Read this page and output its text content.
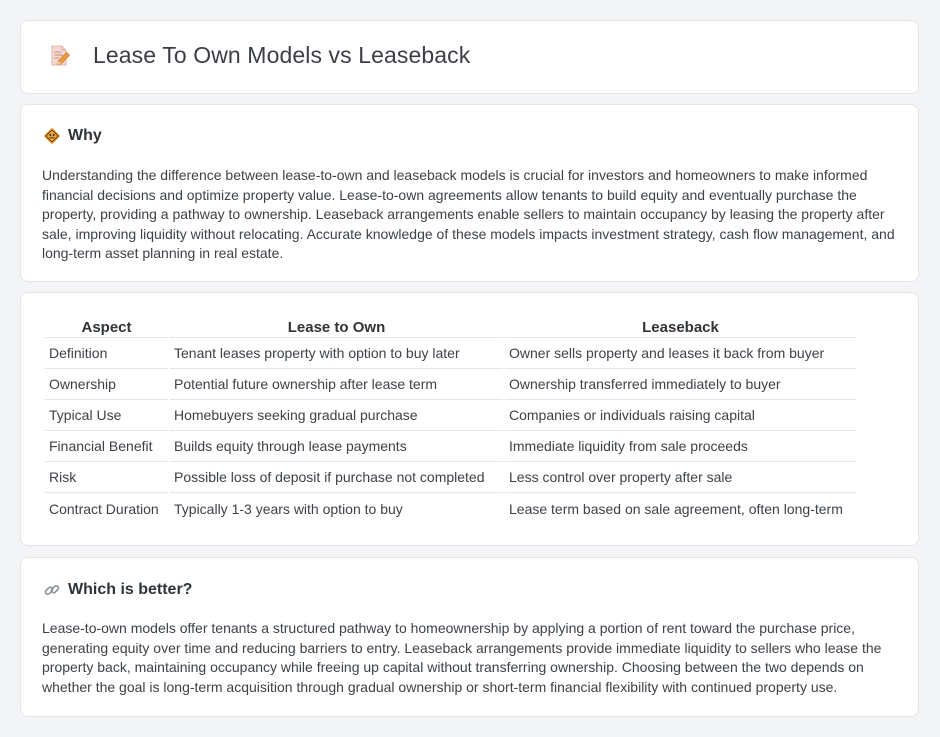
Lease To Own Models vs Leaseback
Why

Understanding the difference between lease-to-own and leaseback models is crucial for investors and homeowners to make informed financial decisions and optimize property value. Lease-to-own agreements allow tenants to build equity and eventually purchase the property, providing a pathway to ownership. Leaseback arrangements enable sellers to maintain occupancy by leasing the property after sale, improving liquidity without relocating. Accurate knowledge of these models impacts investment strategy, cash flow management, and long-term asset planning in real estate.

Aspect	Lease to Own	Leaseback
Definition	Tenant leases property with option to buy later	Owner sells property and leases it back from buyer
Ownership	Potential future ownership after lease term	Ownership transferred immediately to buyer
Typical Use	Homebuyers seeking gradual purchase	Companies or individuals raising capital
Financial Benefit	Builds equity through lease payments	Immediate liquidity from sale proceeds
Risk	Possible loss of deposit if purchase not completed	Less control over property after sale
Contract Duration	Typically 1-3 years with option to buy	Lease term based on sale agreement, often long-term
Which is better?

Lease-to-own models offer tenants a structured pathway to homeownership by applying a portion of rent toward the purchase price, generating equity over time and reducing barriers to entry. Leaseback arrangements provide immediate liquidity to sellers who lease the property back, maintaining occupancy while freeing up capital without transferring ownership. Choosing between the two depends on whether the goal is long-term acquisition through gradual ownership or short-term financial flexibility with continued property use.
